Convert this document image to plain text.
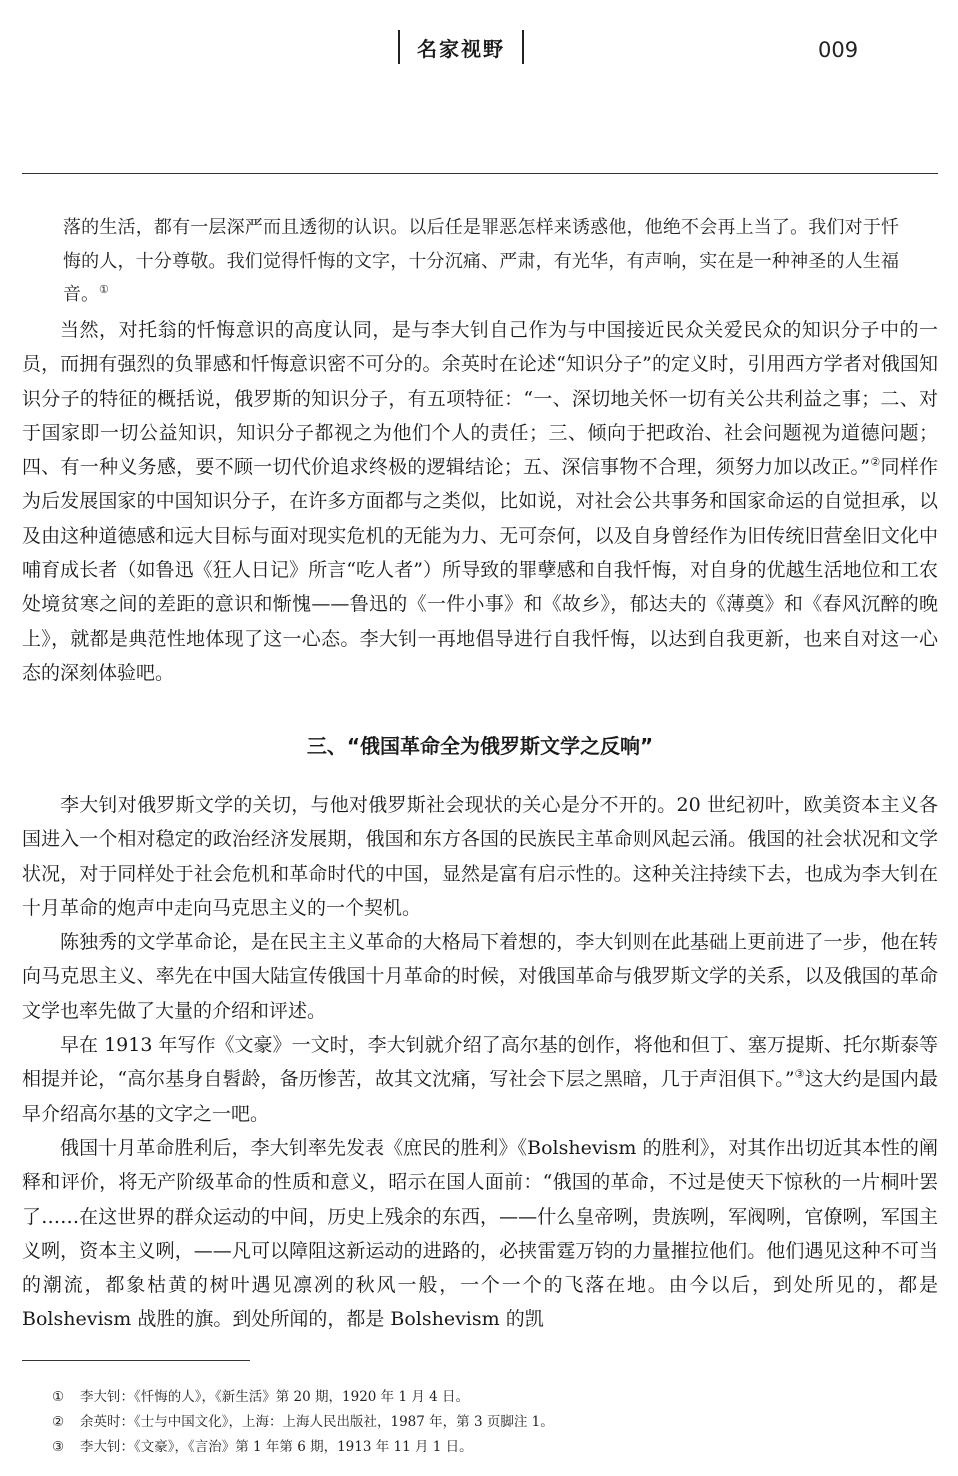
名家视野	009

落的生活，都有一层深严而且透彻的认识。以后任是罪恶怎样来诱惑他，他绝不会再上当了。我们对于忏悔的人，十分尊敬。我们觉得忏悔的文字，十分沉痛、严肃，有光华，有声响，实在是一种神圣的人生福音。①

当然，对托翁的忏悔意识的高度认同，是与李大钊自己作为与中国接近民众关爱民众的知识分子中的一员，而拥有强烈的负罪感和忏悔意识密不可分的。余英时在论述“知识分子”的定义时，引用西方学者对俄国知识分子的特征的概括说，俄罗斯的知识分子，有五项特征：“一、深切地关怀一切有关公共利益之事；二、对于国家即一切公益知识，知识分子都视之为他们个人的责任；三、倾向于把政治、社会问题视为道德问题；四、有一种义务感，要不顾一切代价追求终极的逻辑结论；五、深信事物不合理，须努力加以改正。”②同样作为后发展国家的中国知识分子，在许多方面都与之类似，比如说，对社会公共事务和国家命运的自觉担承，以及由这种道德感和远大目标与面对现实危机的无能为力、无可奈何，以及自身曾经作为旧传统旧营垒旧文化中哺育成长者（如鲁迅《狂人日记》所言“吃人者”）所导致的罪孽感和自我忏悔，对自身的优越生活地位和工农处境贫寒之间的差距的意识和惭愧——鲁迅的《一件小事》和《故乡》，郁达夫的《薄奠》和《春风沉醉的晚上》，就都是典范性地体现了这一心态。李大钊一再地倡导进行自我忏悔，以达到自我更新，也来自对这一心态的深刻体验吧。

三、“俄国革命全为俄罗斯文学之反响”

李大钊对俄罗斯文学的关切，与他对俄罗斯社会现状的关心是分不开的。20 世纪初叶，欧美资本主义各国进入一个相对稳定的政治经济发展期，俄国和东方各国的民族民主革命则风起云涌。俄国的社会状况和文学状况，对于同样处于社会危机和革命时代的中国，显然是富有启示性的。这种关注持续下去，也成为李大钊在十月革命的炮声中走向马克思主义的一个契机。

陈独秀的文学革命论，是在民主主义革命的大格局下着想的，李大钊则在此基础上更前进了一步，他在转向马克思主义、率先在中国大陆宣传俄国十月革命的时候，对俄国革命与俄罗斯文学的关系，以及俄国的革命文学也率先做了大量的介绍和评述。

早在 1913 年写作《文豪》一文时，李大钊就介绍了高尔基的创作，将他和但丁、塞万提斯、托尔斯泰等相提并论，“高尔基身自髫龄，备历惨苦，故其文沈痛，写社会下层之黑暗，几于声泪俱下。”③这大约是国内最早介绍高尔基的文字之一吧。

俄国十月革命胜利后，李大钊率先发表《庶民的胜利》《Bolshevism 的胜利》，对其作出切近其本性的阐释和评价，将无产阶级革命的性质和意义，昭示在国人面前：“俄国的革命，不过是使天下惊秋的一片桐叶罢了……在这世界的群众运动的中间，历史上残余的东西，——什么皇帝咧，贵族咧，军阀咧，官僚咧，军国主义咧，资本主义咧，——凡可以障阻这新运动的进路的，必挟雷霆万钧的力量摧拉他们。他们遇见这种不可当的潮流，都象枯黄的树叶遇见凛冽的秋风一般，一个一个的飞落在地。由今以后，到处所见的，都是 Bolshevism 战胜的旗。到处所闻的，都是 Bolshevism 的凯

①	李大钊：《忏悔的人》，《新生活》第 20 期，1920 年 1 月 4 日。
②	余英时：《士与中国文化》，上海：上海人民出版社，1987 年，第 3 页脚注 1。
③	李大钊：《文豪》，《言治》第 1 年第 6 期，1913 年 11 月 1 日。
